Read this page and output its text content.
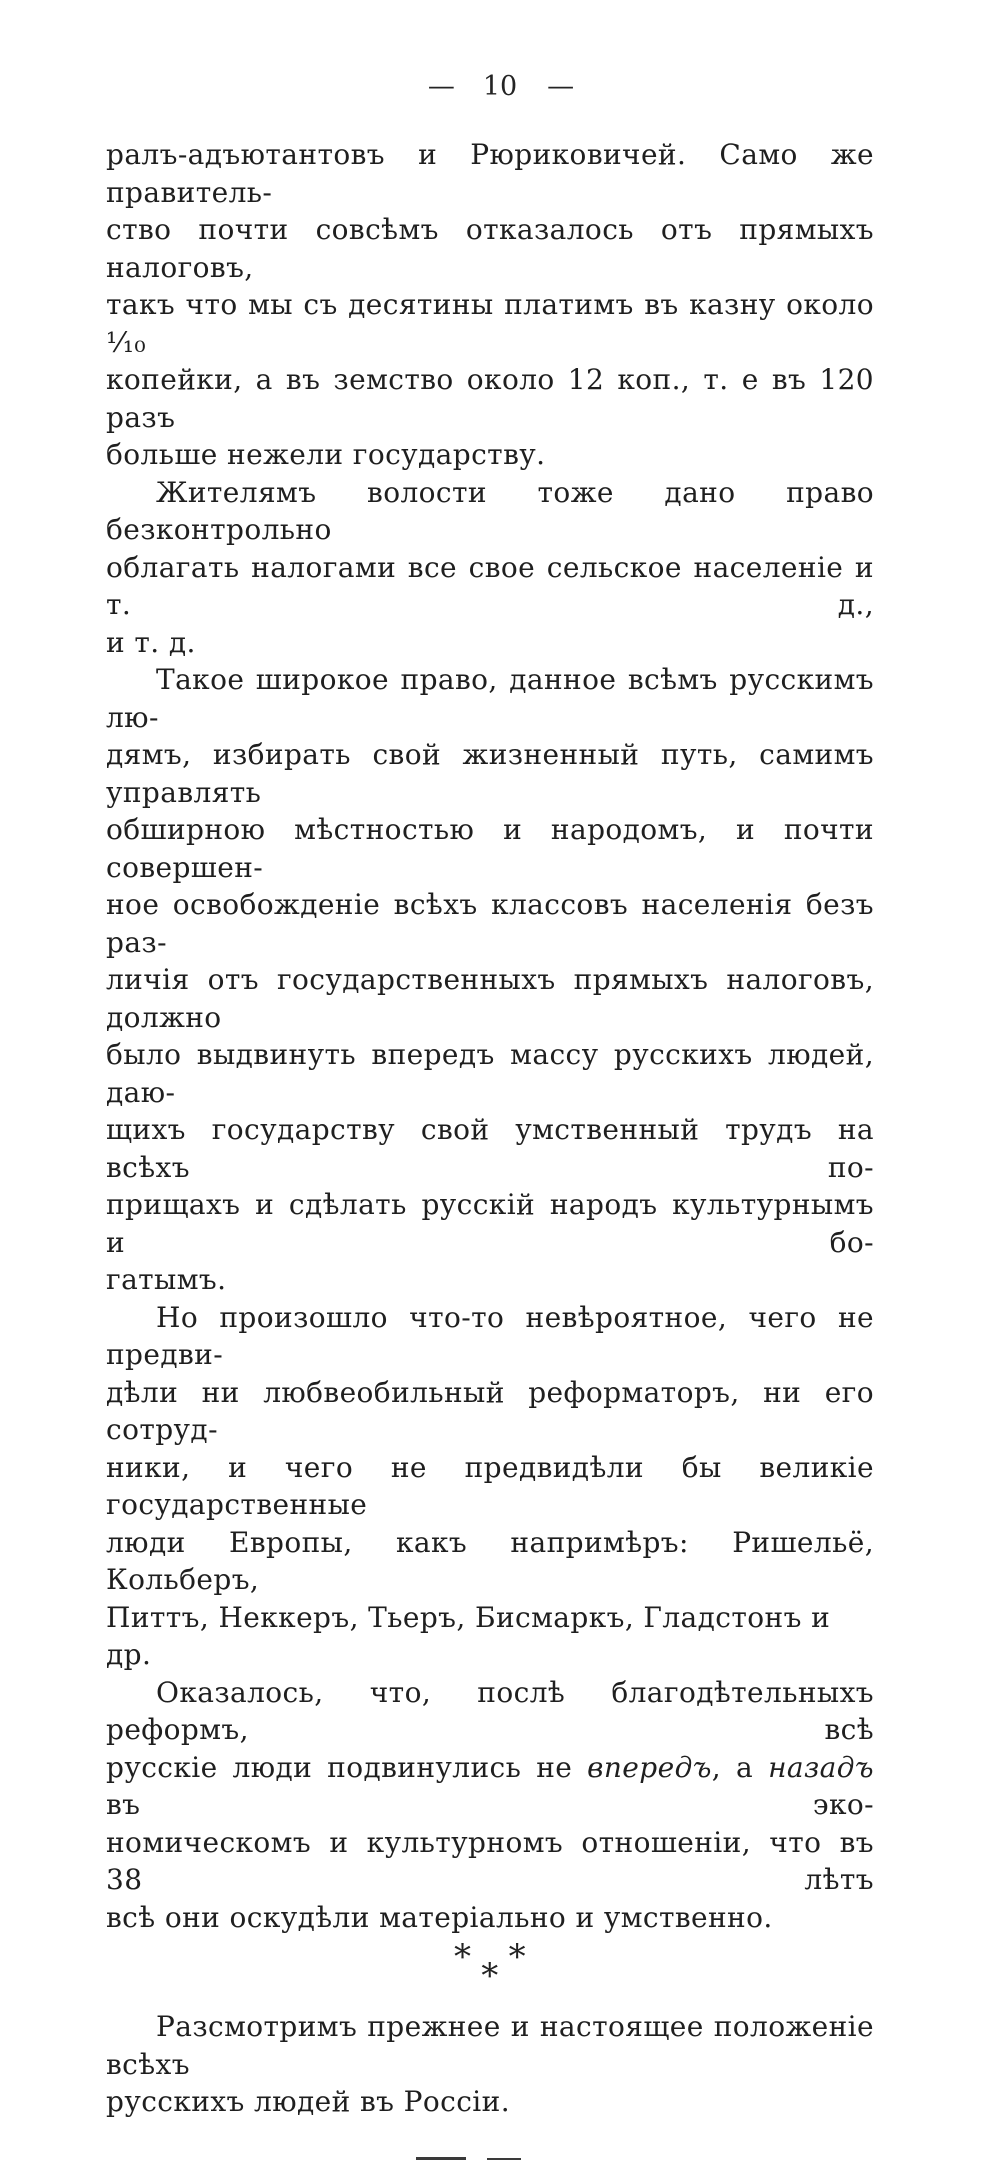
— 10 —
ралъ-адъютантовъ и Рюриковичей. Само же правитель-
ство почти совсѣмъ отказалось отъ прямыхъ налоговъ,
такъ что мы съ десятины платимъ въ казну около ¹⁄₁₀
копейки, а въ земство около 12 коп., т. е въ 120 разъ
больше нежели государству.
Жителямъ волости тоже дано право безконтрольно
облагать налогами все свое сельское населеніе и т. д.,
и т. д.
Такое широкое право, данное всѣмъ русскимъ лю-
дямъ, избирать свой жизненный путь, самимъ управлять
обширною мѣстностью и народомъ, и почти совершен-
ное освобожденіе всѣхъ классовъ населенія безъ раз-
личія отъ государственныхъ прямыхъ налоговъ, должно
было выдвинуть впередъ массу русскихъ людей, даю-
щихъ государству свой умственный трудъ на всѣхъ по-
прищахъ и сдѣлать русскій народъ культурнымъ и бо-
гатымъ.
Но произошло что-то невѣроятное, чего не предви-
дѣли ни любвеобильный реформаторъ, ни его сотруд-
ники, и чего не предвидѣли бы великіе государственные
люди Европы, какъ напримѣръ: Ришельё, Кольберъ,
Питтъ, Неккеръ, Тьеръ, Бисмаркъ, Гладстонъ и др.
Оказалось, что, послѣ благодѣтельныхъ реформъ, всѣ
русскіе люди подвинулись не впередъ, а назадъ въ эко-
номическомъ и культурномъ отношеніи, что въ 38 лѣтъ
всѣ они оскудѣли матеріально и умственно.
* * *
Разсмотримъ прежнее и настоящее положеніе всѣхъ
русскихъ людей въ Россіи.
